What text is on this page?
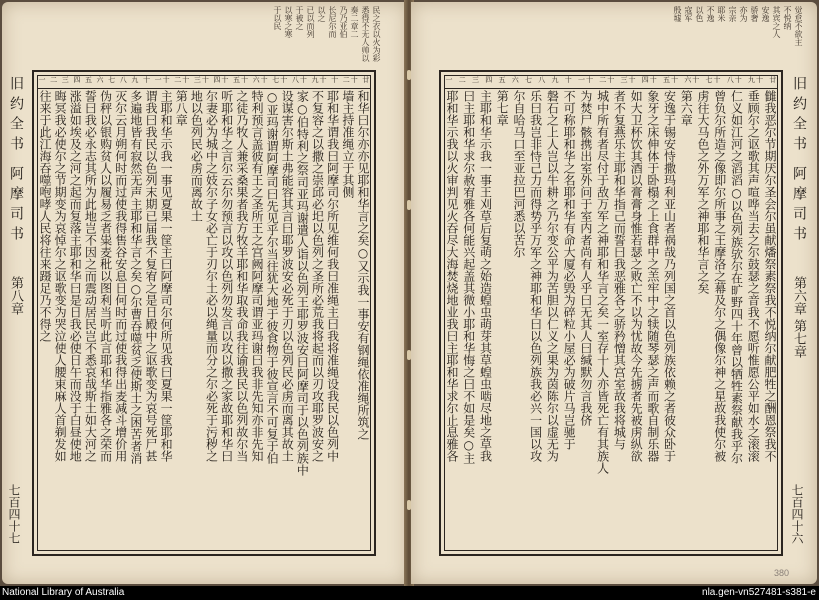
民之衣以火为彩
悉得不无人帅以
奏二章二
乃乃亚伯
长尼尔而
以之
已以而列
于被之
以寒之寒
于以民
廿
十二
十
十九
十八
十七
十六
十五
十四
十三
十二
十一
十
九
八
七
六
五
四
三
二
一
和华曰尔亦亦见耶和华言之矣○又示我一事安有钢绳依准绳所筑之
墙主持准绳立于其侧
耶和华谓我曰阿摩司尔所见维何我曰准绳主曰我将准绳设我民以色列中
不复容之以撒之崇邱必圯以色列之圣所必荒我将起而以刃攻耶罗波安之
家○伯特利之祭司亚玛谢遣人诣以色列王耶罗波安曰阿摩司于以色列族中
设谋害尔斯土弗能容其言曰耶罗波安必死于刃以色列民必虏而离其故土
○亚玛谢谓阿摩司曰先见乎尔当往犹大地于彼食物于彼宣言不可复于伯
特利预言盖彼有王之圣所王之宫阙阿摩司谓亚玛谢曰我非先知亦非先知
之徒乃牧人兼采桑果者我方牧羊耶和华取我命我往谕我民以色列故尔当
听耶和华之言尔云尔勿预言以攻以色列勿发言以攻以撒之家故耶和华曰
尔妻必为城中之妓尔子女必亡于刃尔土必以绳量而分之尔必死于污秽之
地以色列民必虏而离故土
第八章
主耶和华示我一事见夏果一筐主曰阿摩司尔何所见我曰夏果一筐耶和华
谓我曰我民以色列末期已届我不复宥之是日殿中之讴歌变为哀号死尸甚
多遍地皆有寂然无声主耶和华言之矣○尔曹吞噬贫乏使斯土之困苦者消
灭尔云月朔何时而过使我得售谷安息日何时而过使我得出麦减斗增价用
伪秤以银购贫人以履易乏者粜麦秕以图利当听此言耶和华指雅各之荣而
誓曰我必永志其所为此地岂不因之而震动居民岂不悉哀哉斯土如大河之
涨溢如埃及之河之起而复落主耶和华曰是日我必使日午而没于白昼使地
晦冥我必使尔之节期变为哀悼尔之讴歌变为哭泣使人腰束麻人首剃发如
往来于此江海吞噬咆哮人民将往来蹑足乃不得之
旧约全书
阿摩司书
第八章
七百四十七
觉怠不欲主
不悦纳
其宾之人
安逸
骄奢
亦为
宗亲
耶米
不逸
以色
寇军
殷墟
廿
十九
十八
十七
十六
十五
十四
十三
十二
十一
十
九
八
七
六
五
四
三
二
一
雠我恶尔节期厌尔圣会尔虽献燔祭素祭我不悦纳尔献肥牲之酬恩祭我不
垂顾尔之讴歌其声喧哗当去之尔鼓瑟之音我不愿听惟愿公平如水之滚滚
仁义如江河之滔滔○以色列族欤尔在旷野四十年曾以牺牲素祭献我乎尔
曾负尔所造之像即尔所事之王摩洛之幕及尔之偶像尔神之星故我使尔被
虏往大马色之外万军之神耶和华言之矣
第六章
安逸于锡安恃撒玛利亚山者祸哉乃列国之首以色列族依赖之者彼众卧于
象牙之床伸体于卧榻之上食群中之羔牢中之犊随琴瑟之声而歌自制乐器
如大卫杯饮其酒以膏膏身惟若瑟之败亡不以为忧故今先掳者先被虏纵欲
者不复燕乐主耶和华指己而誓曰我恶雅各之骄矜憎其宫室故我将城与
城中所有者尽付于敌万军之神耶和华言之矣一室存十人亦皆死亡有其族人
为焚尸骸携出室外问于室内者尚有人乎曰无其人曰缄默勿言我侪
不可称耶和华之名耶和华有命大厦必毁为碎粒小屋必为破片马岂驰于
磐石之上人岂以牛耕之乃尔变公平为苦胆以仁义之果为茵陈尔以虚无为
乐曰我岂非恃己力而得势乎万军之神耶和华曰以色列族我必兴一国以攻
尔自哈马口至亚拉巴河悉以苦尔
第七章
主耶和华示我一事王刈草后复萌之始造蝗虫萌芽其草蝗虫啮尽地之草我
曰主耶和华求尔赦宥雅各何能兴起盖其微小耶和华悔之曰不如是矣○主
耶和华示我以火审判见火吞尽大海焚烧地业我曰主耶和华求尔止息雅各	旧约全书
阿摩司书
第六章 第七章
七百四十六
380
National Library of Australia	nla.gen-vn527481-s381-e
